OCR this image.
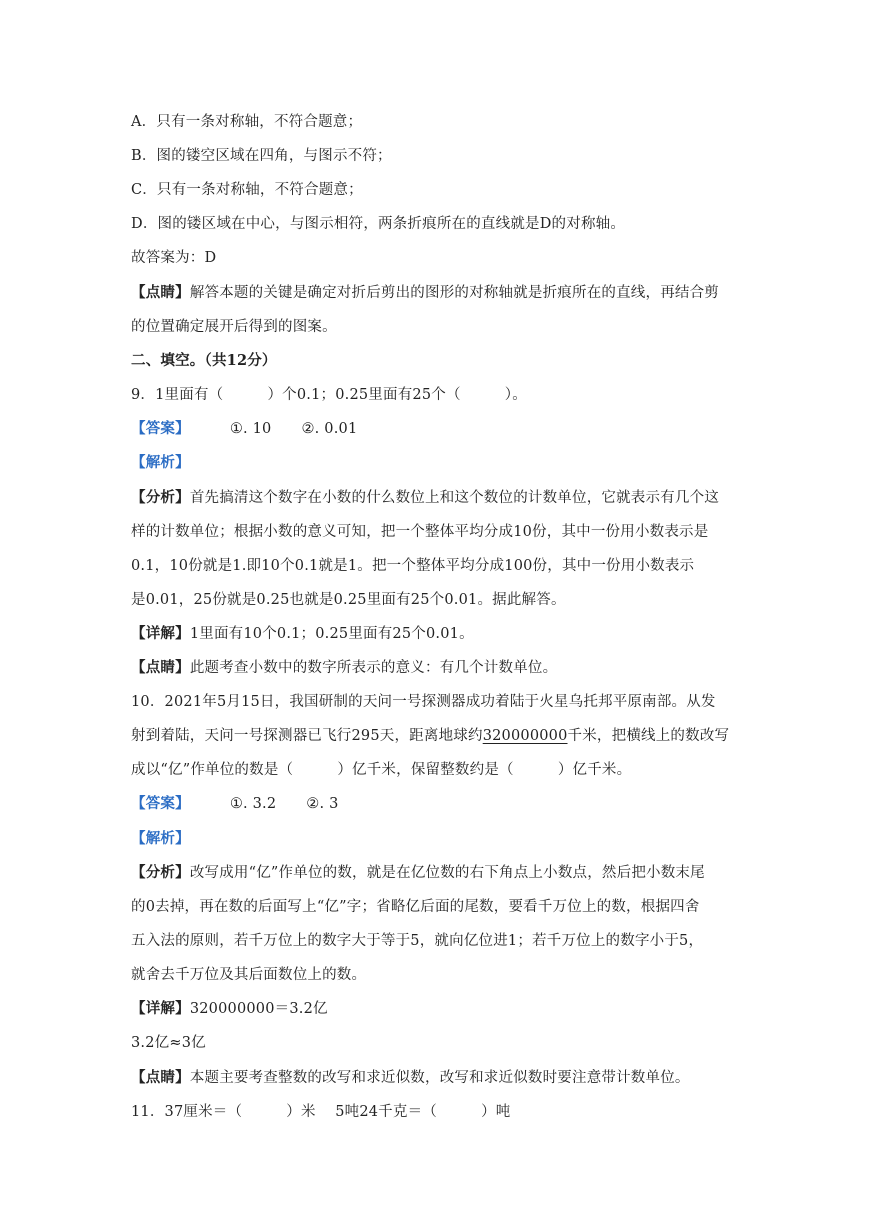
A．只有一条对称轴，不符合题意；
B．图的镂空区域在四角，与图示不符；
C．只有一条对称轴，不符合题意；
D．图的镂区域在中心，与图示相符，两条折痕所在的直线就是D的对称轴。
故答案为：D
【点睛】解答本题的关键是确定对折后剪出的图形的对称轴就是折痕所在的直线，再结合剪
的位置确定展开后得到的图案。
二、填空。（共12分）
9．1里面有（　　　）个0.1；0.25里面有25个（　　　）。
【答案】	①. 10 ②. 0.01
【解析】
【分析】首先搞清这个数字在小数的什么数位上和这个数位的计数单位，它就表示有几个这
样的计数单位；根据小数的意义可知，把一个整体平均分成10份，其中一份用小数表示是
0.1，10份就是1.即10个0.1就是1。把一个整体平均分成100份，其中一份用小数表示
是0.01，25份就是0.25也就是0.25里面有25个0.01。据此解答。
【详解】1里面有10个0.1；0.25里面有25个0.01。
【点睛】此题考查小数中的数字所表示的意义：有几个计数单位。
10．2021年5月15日，我国研制的天问一号探测器成功着陆于火星乌托邦平原南部。从发
射到着陆，天问一号探测器已飞行295天，距离地球约320000000千米，把横线上的数改写
成以“亿”作单位的数是（　　　）亿千米，保留整数约是（　　　）亿千米。
【答案】	①. 3.2 ②. 3
【解析】
【分析】改写成用“亿”作单位的数，就是在亿位数的右下角点上小数点，然后把小数末尾
的0去掉，再在数的后面写上“亿”字；省略亿后面的尾数，要看千万位上的数，根据四舍
五入法的原则，若千万位上的数字大于等于5，就向亿位进1；若千万位上的数字小于5，
就舍去千万位及其后面数位上的数。
【详解】320000000＝3.2亿
3.2亿≈3亿
【点睛】本题主要考查整数的改写和求近似数，改写和求近似数时要注意带计数单位。
11．37厘米＝（　　　）米　 5吨24千克＝（　　　）吨
